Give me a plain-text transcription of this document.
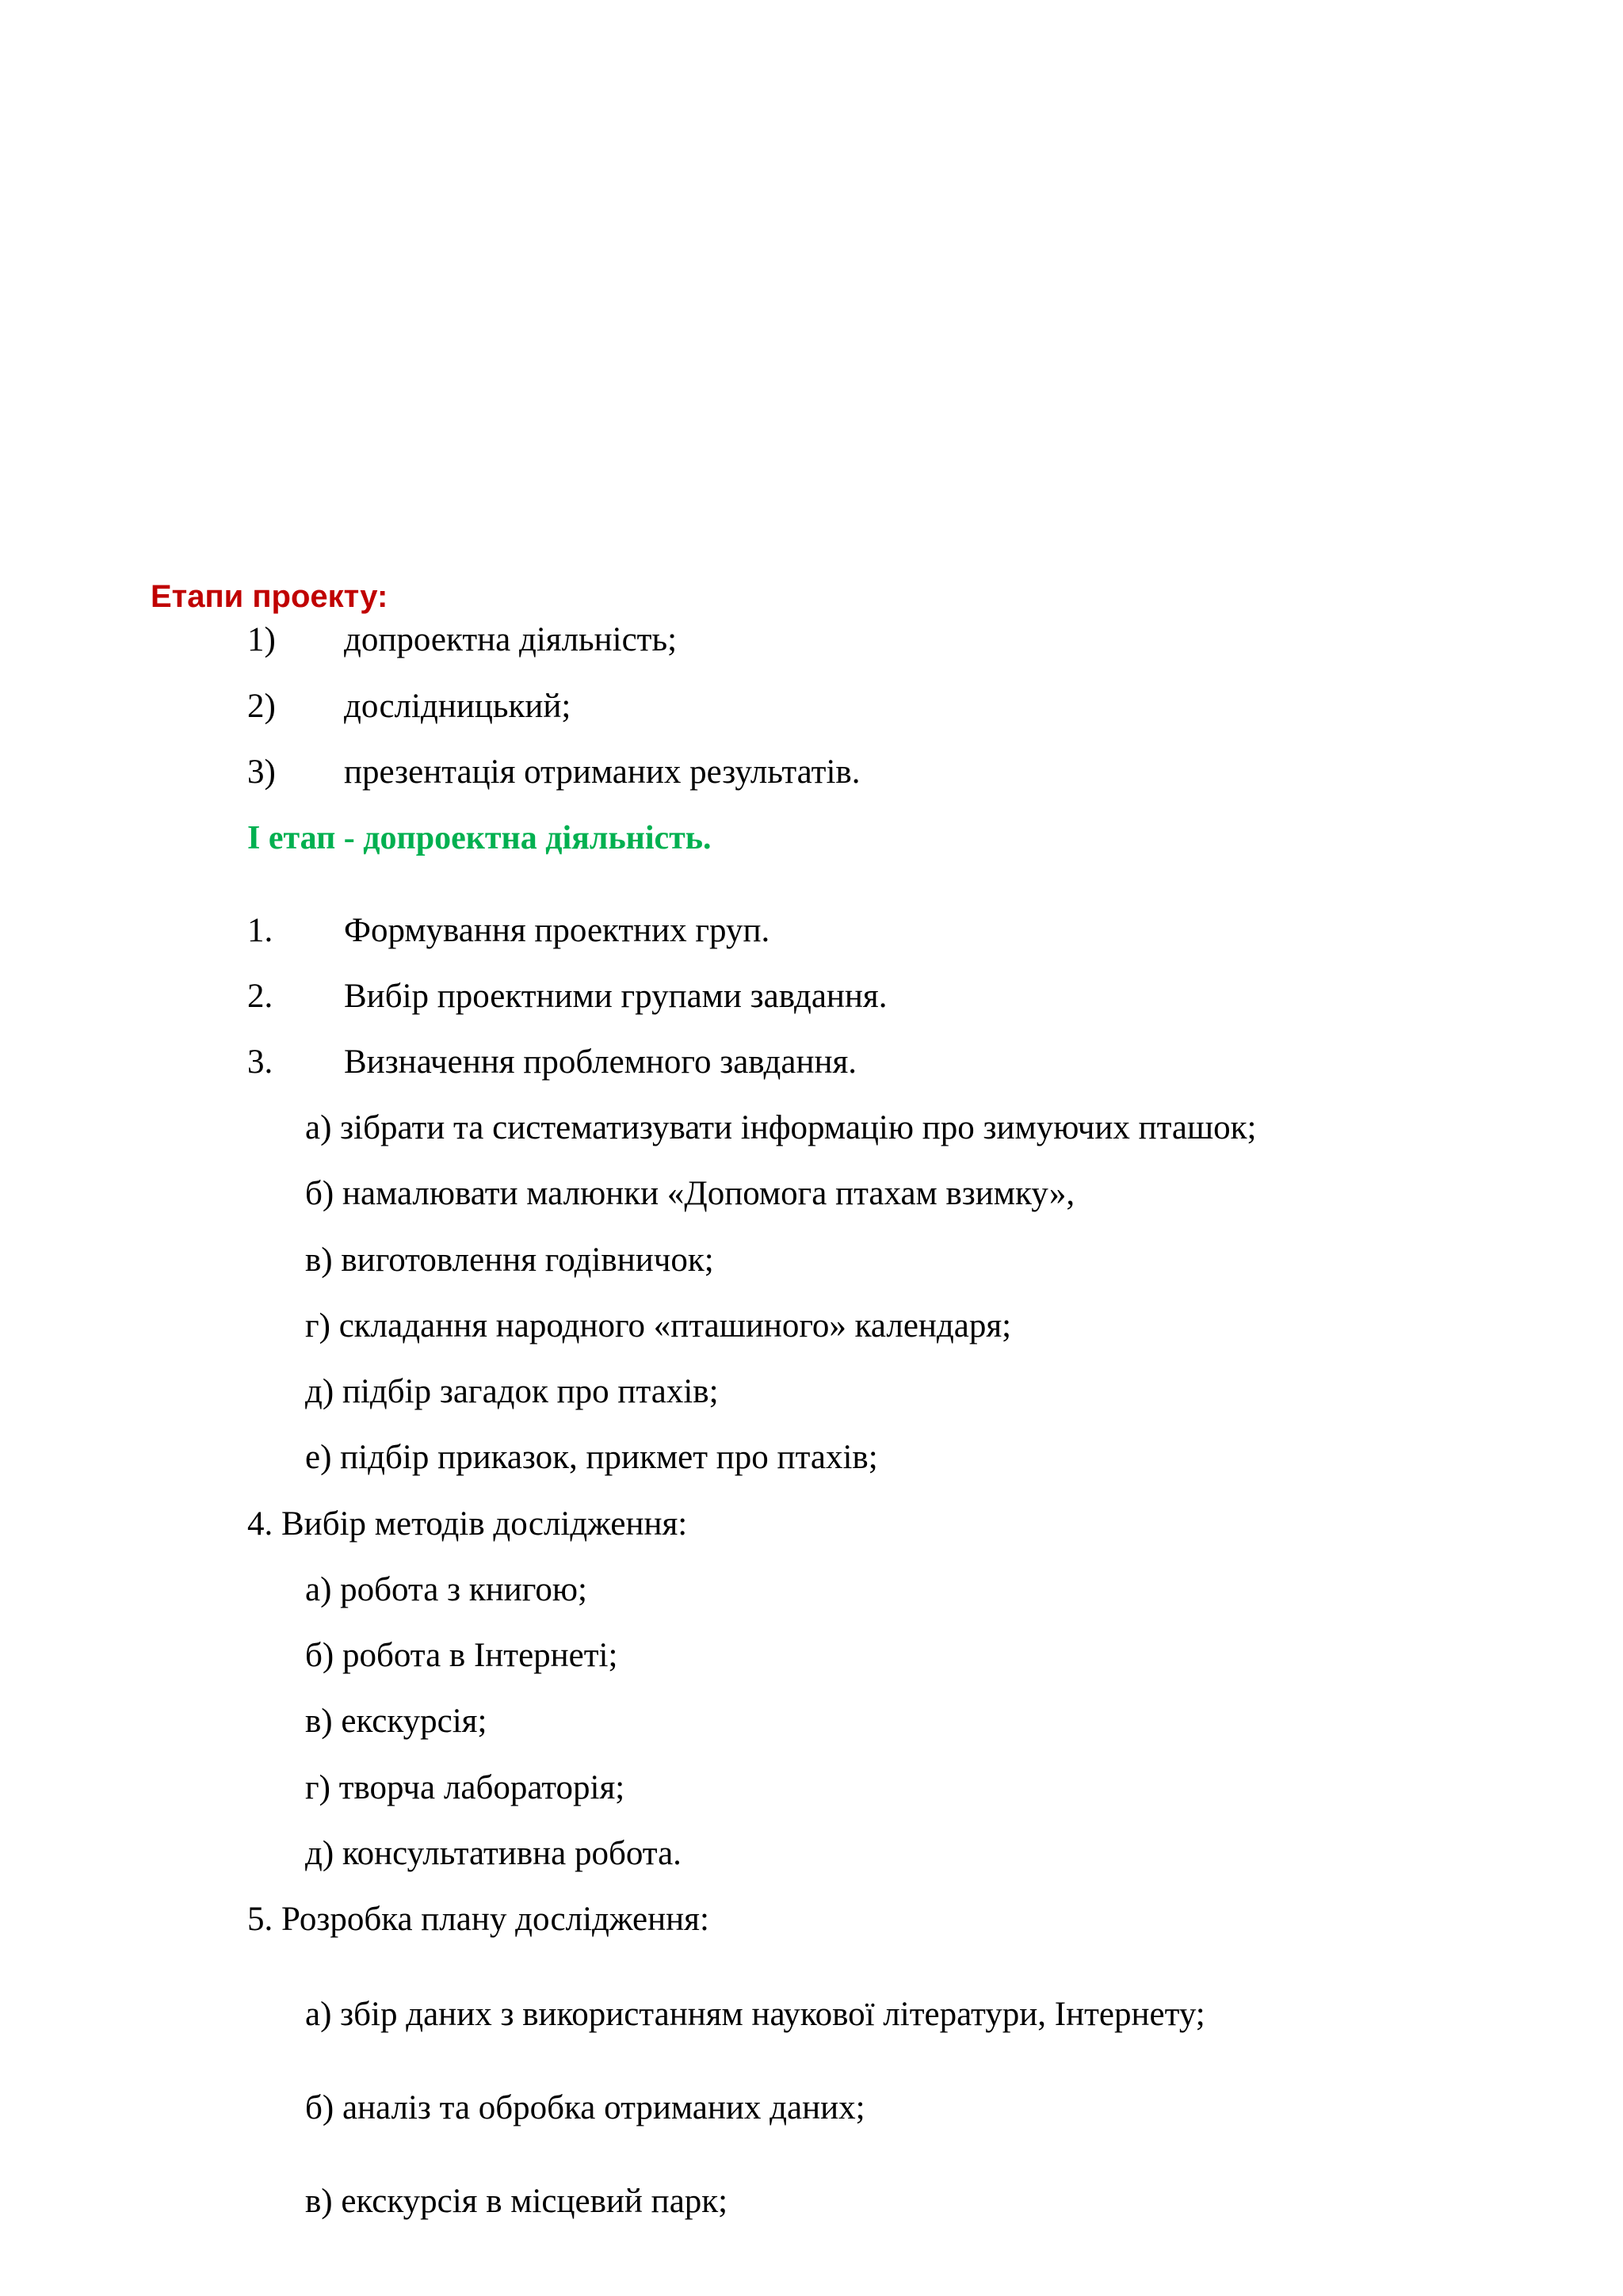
Етапи проекту:
1) допроектна діяльність;
2) дослідницький;
3) презентація отриманих результатів.
І етап - допроектна діяльність.
1. Формування проектних груп.
2. Вибір проектними групами завдання.
3. Визначення проблемного завдання.
а) зібрати та систематизувати інформацію про зимуючих пташок;
б) намалювати малюнки «Допомога птахам взимку»,
в) виготовлення годівничок;
г) складання народного «пташиного» календаря;
д) підбір загадок про птахів;
е) підбір приказок, прикмет про птахів;
4. Вибір методів дослідження:
а) робота з книгою;
б) робота в Інтернеті;
в) екскурсія;
г) творча лабораторія;
д) консультативна робота.
5. Розробка плану дослідження:
а) збір даних з використанням наукової літератури, Інтернету;
б) аналіз та обробка отриманих даних;
в) екскурсія в місцевий парк;
